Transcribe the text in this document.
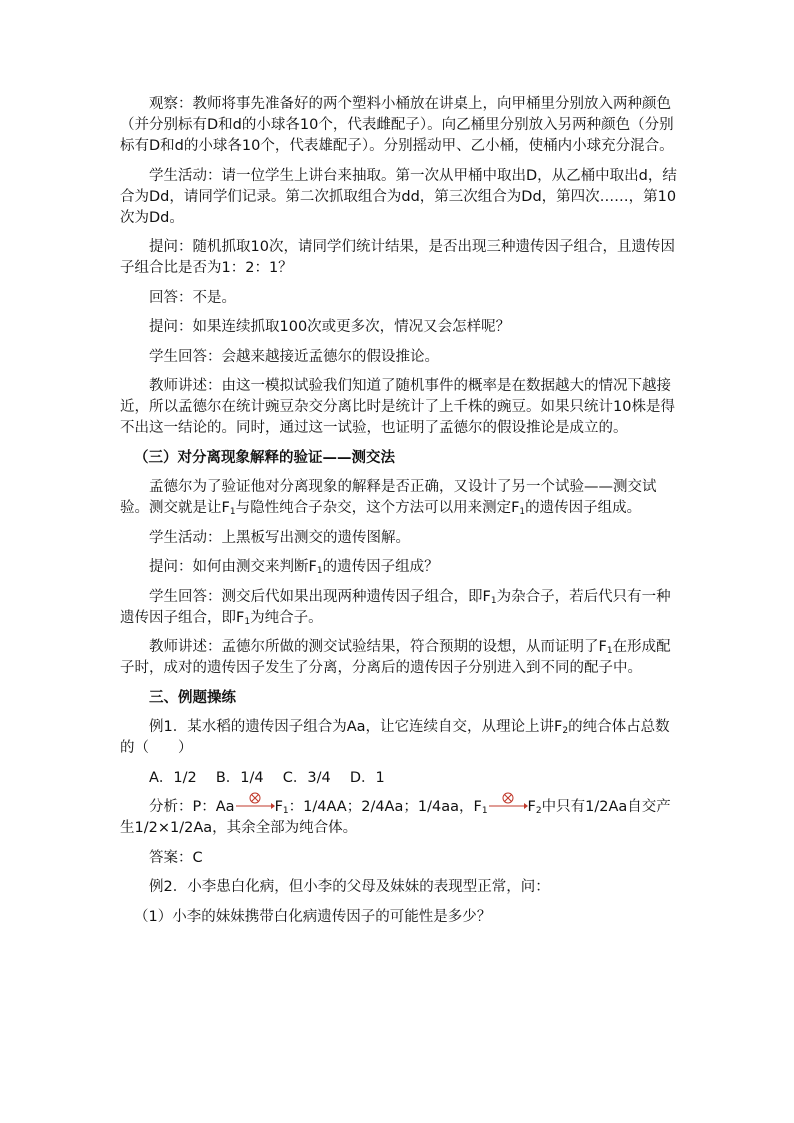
观察：教师将事先准备好的两个塑料小桶放在讲桌上，向甲桶里分别放入两种颜色（并分别标有D和d的小球各10个，代表雌配子）。向乙桶里分别放入另两种颜色（分别标有D和d的小球各10个，代表雄配子）。分别摇动甲、乙小桶，使桶内小球充分混合。

学生活动：请一位学生上讲台来抽取。第一次从甲桶中取出D，从乙桶中取出d，结合为Dd，请同学们记录。第二次抓取组合为dd，第三次组合为Dd，第四次……，第10次为Dd。

提问：随机抓取10次，请同学们统计结果，是否出现三种遗传因子组合，且遗传因子组合比是否为1：2：1？

回答：不是。

提问：如果连续抓取100次或更多次，情况又会怎样呢？

学生回答：会越来越接近孟德尔的假设推论。

教师讲述：由这一模拟试验我们知道了随机事件的概率是在数据越大的情况下越接近，所以孟德尔在统计豌豆杂交分离比时是统计了上千株的豌豆。如果只统计10株是得不出这一结论的。同时，通过这一试验，也证明了孟德尔的假设推论是成立的。

（三）对分离现象解释的验证——测交法

孟德尔为了验证他对分离现象的解释是否正确，又设计了另一个试验——测交试验。测交就是让$F_1$与隐性纯合子杂交，这个方法可以用来测定$F_1$的遗传因子组成。

学生活动：上黑板写出测交的遗传图解。

提问：如何由测交来判断$F_1$的遗传因子组成？

学生回答：测交后代如果出现两种遗传因子组合，即$F_1$为杂合子，若后代只有一种遗传因子组合，即$F_1$为纯合子。

教师讲述：孟德尔所做的测交试验结果，符合预期的设想，从而证明了$F_1$在形成配子时，成对的遗传因子发生了分离，分离后的遗传因子分别进入到不同的配子中。

三、例题操练

例1．某水稻的遗传因子组合为Aa，让它连续自交，从理论上讲$F_2$的纯合体占总数的（　　）

A．1/2　 B．1/4　 C．3/4　 D．1

分析：P：Aa	$F_1$：1/4AA；2/4Aa；1/4aa，$F_1$	$F_2$中只有1/2Aa自交产生1/2×1/2Aa，其余全部为纯合体。

答案：C

例2．小李患白化病，但小李的父母及妹妹的表现型正常，问：

（1）小李的妹妹携带白化病遗传因子的可能性是多少？
